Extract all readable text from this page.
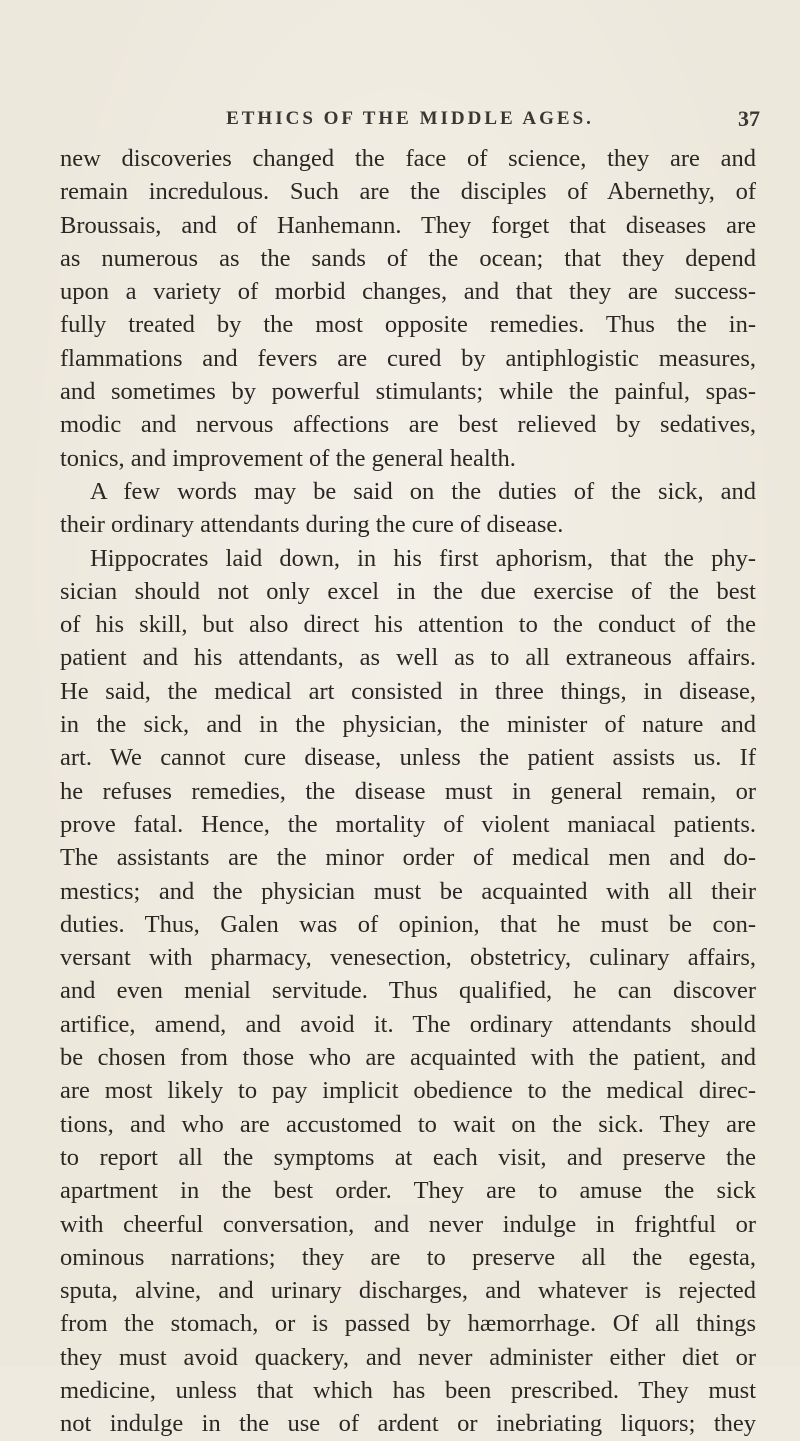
ETHICS OF THE MIDDLE AGES.	37
new discoveries changed the face of science, they are and
remain incredulous. Such are the disciples of Abernethy, of
Broussais, and of Hanhemann. They forget that diseases are
as numerous as the sands of the ocean; that they depend
upon a variety of morbid changes, and that they are success-
fully treated by the most opposite remedies. Thus the in-
flammations and fevers are cured by antiphlogistic measures,
and sometimes by powerful stimulants; while the painful, spas-
modic and nervous affections are best relieved by sedatives,
tonics, and improvement of the general health.
A few words may be said on the duties of the sick, and
their ordinary attendants during the cure of disease.
Hippocrates laid down, in his first aphorism, that the phy-
sician should not only excel in the due exercise of the best
of his skill, but also direct his attention to the conduct of the
patient and his attendants, as well as to all extraneous affairs.
He said, the medical art consisted in three things, in disease,
in the sick, and in the physician, the minister of nature and
art. We cannot cure disease, unless the patient assists us. If
he refuses remedies, the disease must in general remain, or
prove fatal. Hence, the mortality of violent maniacal patients.
The assistants are the minor order of medical men and do-
mestics; and the physician must be acquainted with all their
duties. Thus, Galen was of opinion, that he must be con-
versant with pharmacy, venesection, obstetricy, culinary affairs,
and even menial servitude. Thus qualified, he can discover
artifice, amend, and avoid it. The ordinary attendants should
be chosen from those who are acquainted with the patient, and
are most likely to pay implicit obedience to the medical direc-
tions, and who are accustomed to wait on the sick. They are
to report all the symptoms at each visit, and preserve the
apartment in the best order. They are to amuse the sick
with cheerful conversation, and never indulge in frightful or
ominous narrations; they are to preserve all the egesta,
sputa, alvine, and urinary discharges, and whatever is rejected
from the stomach, or is passed by hæmorrhage. Of all things
they must avoid quackery, and never administer either diet or
medicine, unless that which has been prescribed. They must
not indulge in the use of ardent or inebriating liquors; they
